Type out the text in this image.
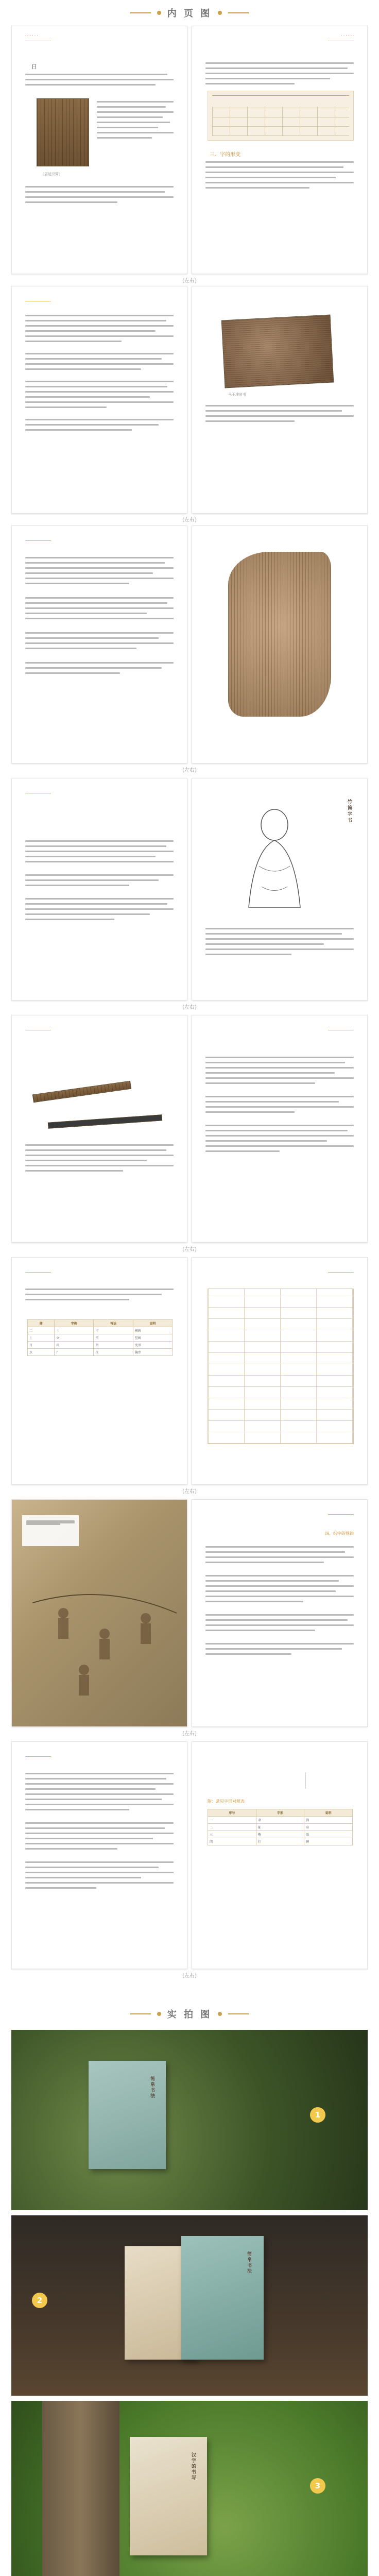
内 页 图
· · · · · ·
日
（居延汉简）
· · · · · ·
三、字的形变
(左右)
马王堆帛书
(左右)
(左右)
竹简字书
(左右)
(左右)
部	字例	写法	说明
二	十	丰	横画
丄	立	辛	竖画
月	肉	胡	变形
水	氵	江	偏旁
(左右)
四、结字的规律
(左右)
附：常见字形对照表
序号	字形	说明
一	隶	简
二	篆	帛
三	楷	纸
四	行	碑
(左右)
实 拍 图
简帛书法
1
简帛书法
2
汉字的书写
3
